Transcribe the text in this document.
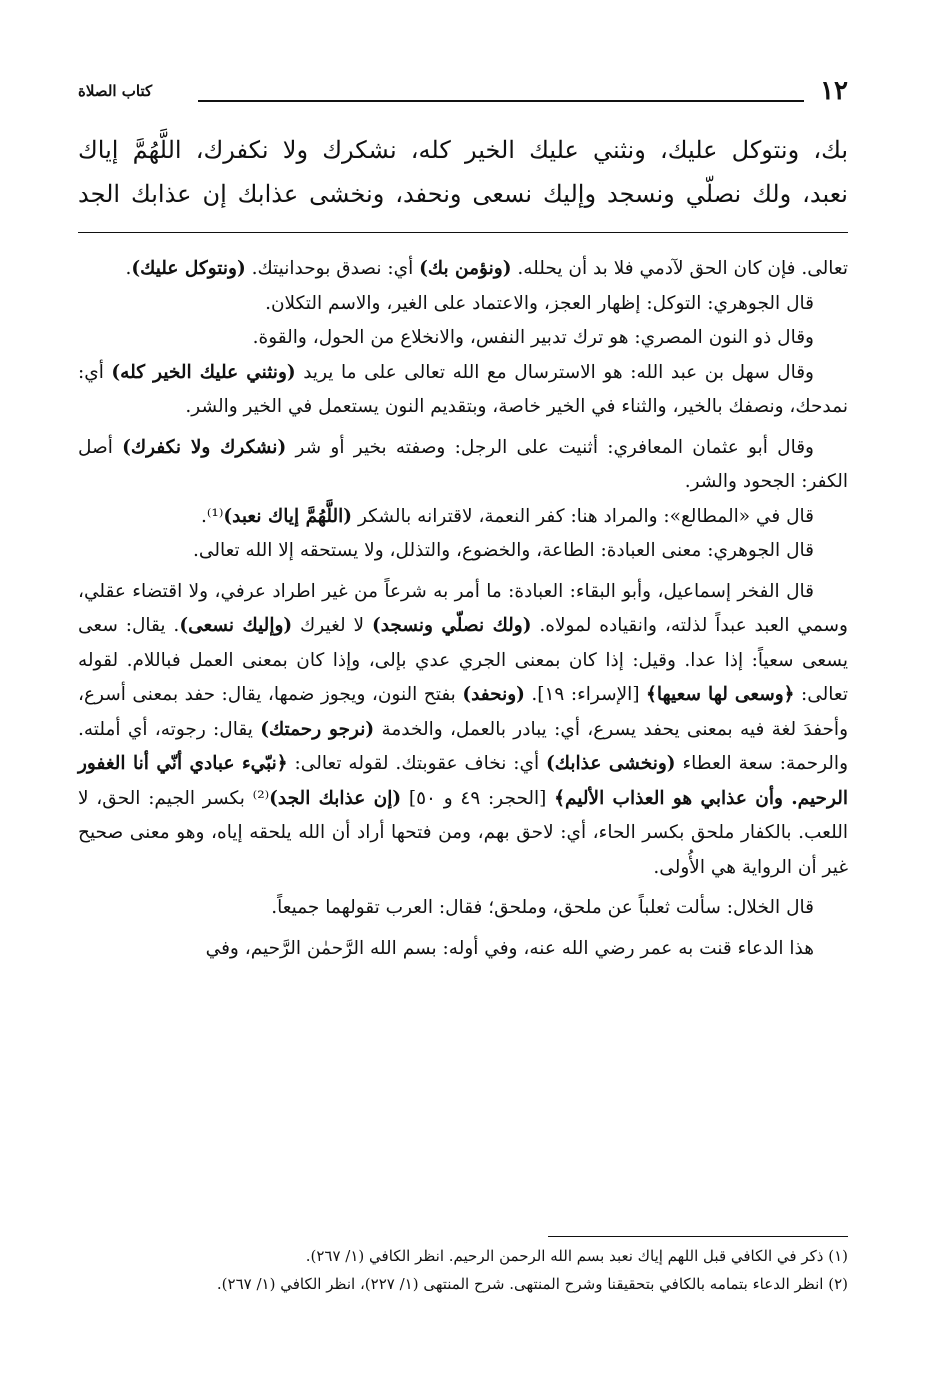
١٢
كتاب الصلاة
بك، ونتوكل عليك، ونثني عليك الخير كله، نشكرك ولا نكفرك، اللَّهُمَّ إياك
نعبد، ولك نصلّي ونسجد وإليك نسعى ونحفد، ونخشى عذابك إن عذابك الجد

تعالى. فإن كان الحق لآدمي فلا بد أن يحلله. (ونؤمن بك) أي: نصدق بوحدانيتك. (ونتوكل عليك).

قال الجوهري: التوكل: إظهار العجز، والاعتماد على الغير، والاسم التكلان.

وقال ذو النون المصري: هو ترك تدبير النفس، والانخلاع من الحول، والقوة.

وقال سهل بن عبد الله: هو الاسترسال مع الله تعالى على ما يريد (ونثني عليك الخير كله) أي: نمدحك، ونصفك بالخير، والثناء في الخير خاصة، وبتقديم النون يستعمل في الخير والشر.

وقال أبو عثمان المعافري: أثنيت على الرجل: وصفته بخير أو شر (نشكرك ولا نكفرك) أصل الكفر: الجحود والشر.

قال في «المطالع»: والمراد هنا: كفر النعمة، لاقترانه بالشكر (اللَّهُمَّ إياك نعبد)⁽¹⁾.

قال الجوهري: معنى العبادة: الطاعة، والخضوع، والتذلل، ولا يستحقه إلا الله تعالى.

قال الفخر إسماعيل، وأبو البقاء: العبادة: ما أمر به شرعاً من غير اطراد عرفي، ولا اقتضاء عقلي، وسمي العبد عبداً لذلته، وانقياده لمولاه. (ولك نصلّي ونسجد) لا لغيرك (وإليك نسعى). يقال: سعى يسعى سعياً: إذا عدا. وقيل: إذا كان بمعنى الجري عدي بإلى، وإذا كان بمعنى العمل فباللام. لقوله تعالى: ﴿وسعى لها سعيها﴾ [الإسراء: ١٩]. (ونحفد) بفتح النون، ويجوز ضمها، يقال: حفد بمعنى أسرع، وأحفدَ لغة فيه بمعنى يحفد يسرع، أي: يبادر بالعمل، والخدمة (نرجو رحمتك) يقال: رجوته، أي أملته. والرحمة: سعة العطاء (ونخشى عذابك) أي: نخاف عقوبتك. لقوله تعالى: ﴿نبّيء عبادي أنّي أنا الغفور الرحيم. وأن عذابي هو العذاب الأليم﴾ [الحجر: ٤٩ و ٥٠] (إن عذابك الجد)⁽²⁾ بكسر الجيم: الحق، لا اللعب. بالكفار ملحق بكسر الحاء، أي: لاحق بهم، ومن فتحها أراد أن الله يلحقه إياه، وهو معنى صحيح غير أن الرواية هي الأُولى.

قال الخلال: سألت ثعلباً عن ملحق، وملحق؛ فقال: العرب تقولهما جميعاً.

هذا الدعاء قنت به عمر رضي الله عنه، وفي أوله: بسم الله الرَّحمٰن الرَّحيم، وفي

(١) ذكر في الكافي قبل اللهم إياك نعبد بسم الله الرحمن الرحيم. انظر الكافي (١/ ٢٦٧).

(٢) انظر الدعاء بتمامه بالكافي بتحقيقنا وشرح المنتهى. شرح المنتهى (١/ ٢٢٧)، انظر الكافي (١/ ٢٦٧).
